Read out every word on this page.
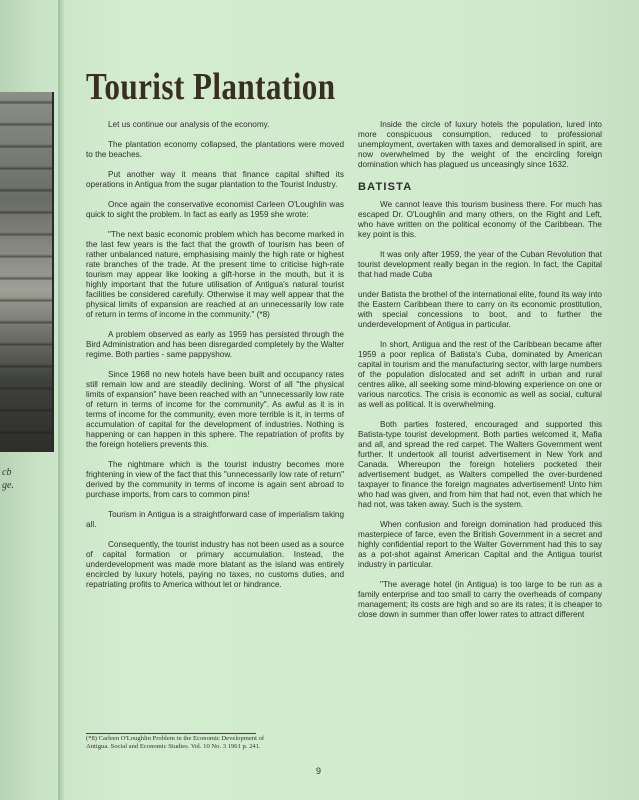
cb
ge.
Tourist Plantation

Let us continue our analysis of the economy.

The plantation economy collapsed, the plantations were moved to the beaches.

Put another way it means that finance capital shifted its operations in Antigua from the sugar plantation to the Tourist Industry.

Once again the conservative economist Carleen O'Loughlin was quick to sight the problem. In fact as early as 1959 she wrote:

"The next basic economic problem which has become marked in the last few years is the fact that the growth of tourism has been of rather unbalanced nature, emphasising mainly the high rate or highest rate branches of the trade. At the present time to criticise high-rate tourism may appear like looking a gift-horse in the mouth, but it is highly important that the future utilisation of Antigua's natural tourist facilities be considered carefully. Otherwise it may well appear that the physical limits of expansion are reached at an unnecessarily low rate of return in terms of income in the community." (*8)

A problem observed as early as 1959 has persisted through the Bird Administration and has been disregarded completely by the Walter regime. Both parties - same pappyshow.

Since 1968 no new hotels have been built and occupancy rates still remain low and are steadily declining. Worst of all "the physical limits of expansion" have been reached with an "unnecessarily low rate of return in terms of income for the community". As awful as it is in terms of income for the community, even more terrible is it, in terms of accumulation of capital for the development of industries. Nothing is happening or can happen in this sphere. The repatriation of profits by the foreign hoteliers prevents this.

The nightmare which is the tourist industry becomes more frightening in view of the fact that this "unnecessarily low rate of return" derived by the community in terms of income is again sent abroad to purchase imports, from cars to common pins!

Tourism in Antigua is a straightforward case of imperialism taking all.

Consequently, the tourist industry has not been used as a source of capital formation or primary accumulation. Instead, the underdevelopment was made more blatant as the island was entirely encircled by luxury hotels, paying no taxes, no customs duties, and repatriating profits to America without let or hindrance.

Inside the circle of luxury hotels the population, lured into more conspicuous consumption, reduced to professional unemployment, overtaken with taxes and demoralised in spirit, are now overwhelmed by the weight of the encircling foreign domination which has plagued us unceasingly since 1632.

BATISTA

We cannot leave this tourism business there. For much has escaped Dr. O'Loughlin and many others, on the Right and Left, who have written on the political economy of the Caribbean. The key point is this.

It was only after 1959, the year of the Cuban Revolution that tourist development really began in the region. In fact, the Capital that had made Cuba

under Batista the brothel of the international elite, found its way into the Eastern Caribbean there to carry on its economic prostitution, with special concessions to boot, and to further the underdevelopment of Antigua in particular.

In short, Antigua and the rest of the Caribbean became after 1959 a poor replica of Batista's Cuba, dominated by American capital in tourism and the manufacturing sector, with large numbers of the population dislocated and set adrift in urban and rural centres alike, all seeking some mind-blowing experience on one or various narcotics. The crisis is economic as well as social, cultural as well as political. It is overwhelming.

Both parties fostered, encouraged and supported this Batista-type tourist development. Both parties welcomed it, Mafia and all, and spread the red carpet. The Walters Government went further. It undertook all tourist advertisement in New York and Canada. Whereupon the foreign hoteliers pocketed their advertisement budget, as Walters compelled the over-burdened taxpayer to finance the foreign magnates advertisement! Unto him who had was given, and from him that had not, even that which he had not, was taken away. Such is the system.

When confusion and foreign domination had produced this masterpiece of farce, even the British Government in a secret and highly confidential report to the Walter Government had this to say as a pot-shot against American Capital and the Antigua tourist industry in particular.

"The average hotel (in Antigua) is too large to be run as a family enterprise and too small to carry the overheads of company management; its costs are high and so are its rates; it is cheaper to close down in summer than offer lower rates to attract different

(*8) Carleen O'Loughlin Problem in the Economic Development of Antigua. Social and Economic Studies. Vol. 10 No. 3 1961 p. 241.
9
